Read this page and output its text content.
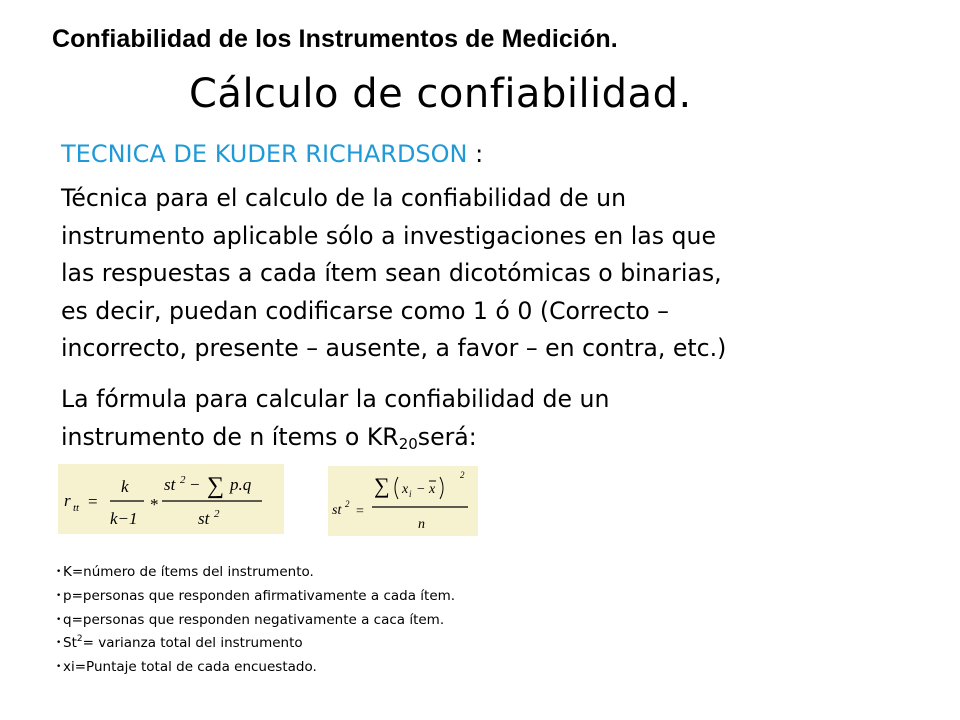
Confiabilidad de los Instrumentos de Medición.
Cálculo de confiabilidad.
TECNICA DE KUDER RICHARDSON :
Técnica para el calculo de la confiabilidad de un
instrumento aplicable sólo a investigaciones en las que
las respuestas a cada ítem sean dicotómicas o binarias,
es decir, puedan codificarse como 1 ó 0 (Correcto –
incorrecto, presente – ausente, a favor – en contra, etc.)
La fórmula para calcular la confiabilidad de un
instrumento de n ítems o $KR_{20}será$:
r tt =
k
k−1
*
st 2 − ∑ p.q
st 2	st 2 =
∑ x i − x
2
n
• K=número de ítems del instrumento.
• p=personas que responden afirmativamente a cada ítem.
• q=personas que responden negativamente a caca ítem.
• $St^2=$ varianza total del instrumento
• xi=Puntaje total de cada encuestado.
